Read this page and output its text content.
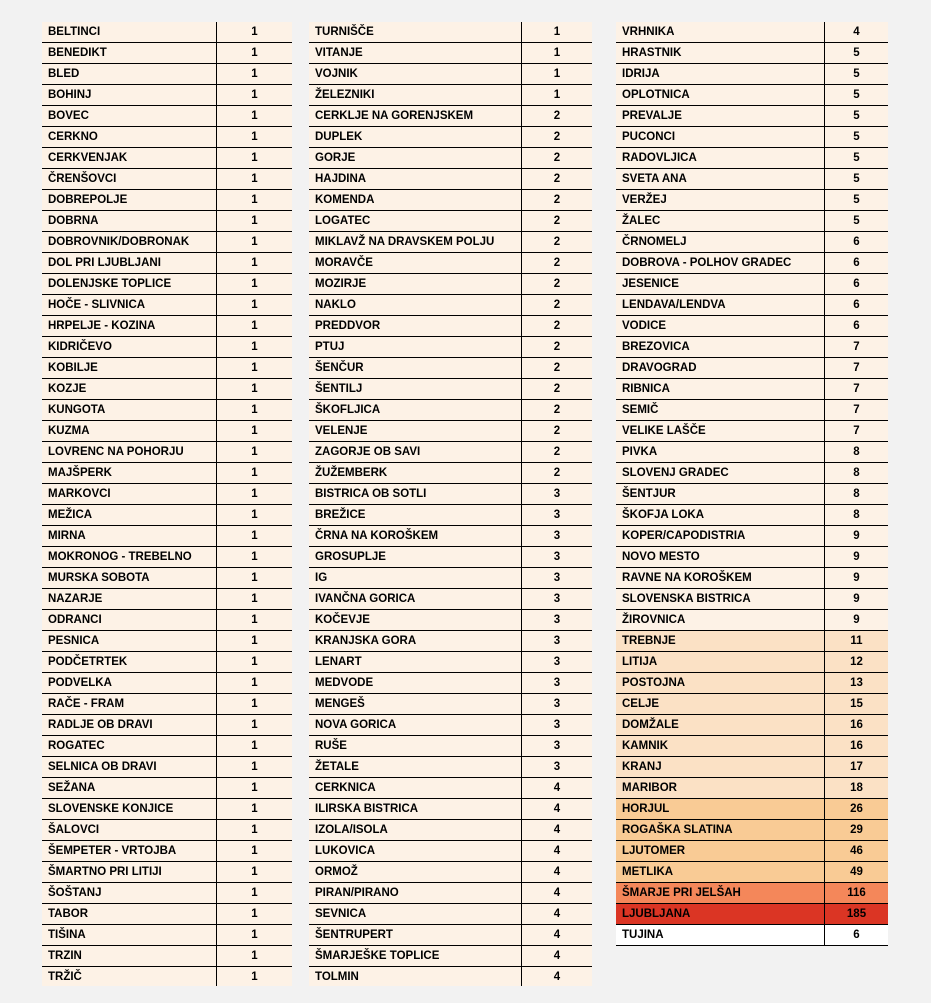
BELTINCI	1
BENEDIKT	1
BLED	1
BOHINJ	1
BOVEC	1
CERKNO	1
CERKVENJAK	1
ČRENŠOVCI	1
DOBREPOLJE	1
DOBRNA	1
DOBROVNIK/DOBRONAK	1
DOL PRI LJUBLJANI	1
DOLENJSKE TOPLICE	1
HOČE - SLIVNICA	1
HRPELJE - KOZINA	1
KIDRIČEVO	1
KOBILJE	1
KOZJE	1
KUNGOTA	1
KUZMA	1
LOVRENC NA POHORJU	1
MAJŠPERK	1
MARKOVCI	1
MEŽICA	1
MIRNA	1
MOKRONOG - TREBELNO	1
MURSKA SOBOTA	1
NAZARJE	1
ODRANCI	1
PESNICA	1
PODČETRTEK	1
PODVELKA	1
RAČE - FRAM	1
RADLJE OB DRAVI	1
ROGATEC	1
SELNICA OB DRAVI	1
SEŽANA	1
SLOVENSKE KONJICE	1
ŠALOVCI	1
ŠEMPETER - VRTOJBA	1
ŠMARTNO PRI LITIJI	1
ŠOŠTANJ	1
TABOR	1
TIŠINA	1
TRZIN	1
TRŽIČ	1
TURNIŠČE	1
VITANJE	1
VOJNIK	1
ŽELEZNIKI	1
CERKLJE NA GORENJSKEM	2
DUPLEK	2
GORJE	2
HAJDINA	2
KOMENDA	2
LOGATEC	2
MIKLAVŽ NA DRAVSKEM POLJU	2
MORAVČE	2
MOZIRJE	2
NAKLO	2
PREDDVOR	2
PTUJ	2
ŠENČUR	2
ŠENTILJ	2
ŠKOFLJICA	2
VELENJE	2
ZAGORJE OB SAVI	2
ŽUŽEMBERK	2
BISTRICA OB SOTLI	3
BREŽICE	3
ČRNA NA KOROŠKEM	3
GROSUPLJE	3
IG	3
IVANČNA GORICA	3
KOČEVJE	3
KRANJSKA GORA	3
LENART	3
MEDVODE	3
MENGEŠ	3
NOVA GORICA	3
RUŠE	3
ŽETALE	3
CERKNICA	4
ILIRSKA BISTRICA	4
IZOLA/ISOLA	4
LUKOVICA	4
ORMOŽ	4
PIRAN/PIRANO	4
SEVNICA	4
ŠENTRUPERT	4
ŠMARJEŠKE TOPLICE	4
TOLMIN	4
VRHNIKA	4
HRASTNIK	5
IDRIJA	5
OPLOTNICA	5
PREVALJE	5
PUCONCI	5
RADOVLJICA	5
SVETA ANA	5
VERŽEJ	5
ŽALEC	5
ČRNOMELJ	6
DOBROVA - POLHOV GRADEC	6
JESENICE	6
LENDAVA/LENDVA	6
VODICE	6
BREZOVICA	7
DRAVOGRAD	7
RIBNICA	7
SEMIČ	7
VELIKE LAŠČE	7
PIVKA	8
SLOVENJ GRADEC	8
ŠENTJUR	8
ŠKOFJA LOKA	8
KOPER/CAPODISTRIA	9
NOVO MESTO	9
RAVNE NA KOROŠKEM	9
SLOVENSKA BISTRICA	9
ŽIROVNICA	9
TREBNJE	11
LITIJA	12
POSTOJNA	13
CELJE	15
DOMŽALE	16
KAMNIK	16
KRANJ	17
MARIBOR	18
HORJUL	26
ROGAŠKA SLATINA	29
LJUTOMER	46
METLIKA	49
ŠMARJE PRI JELŠAH	116
LJUBLJANA	185
TUJINA	6
